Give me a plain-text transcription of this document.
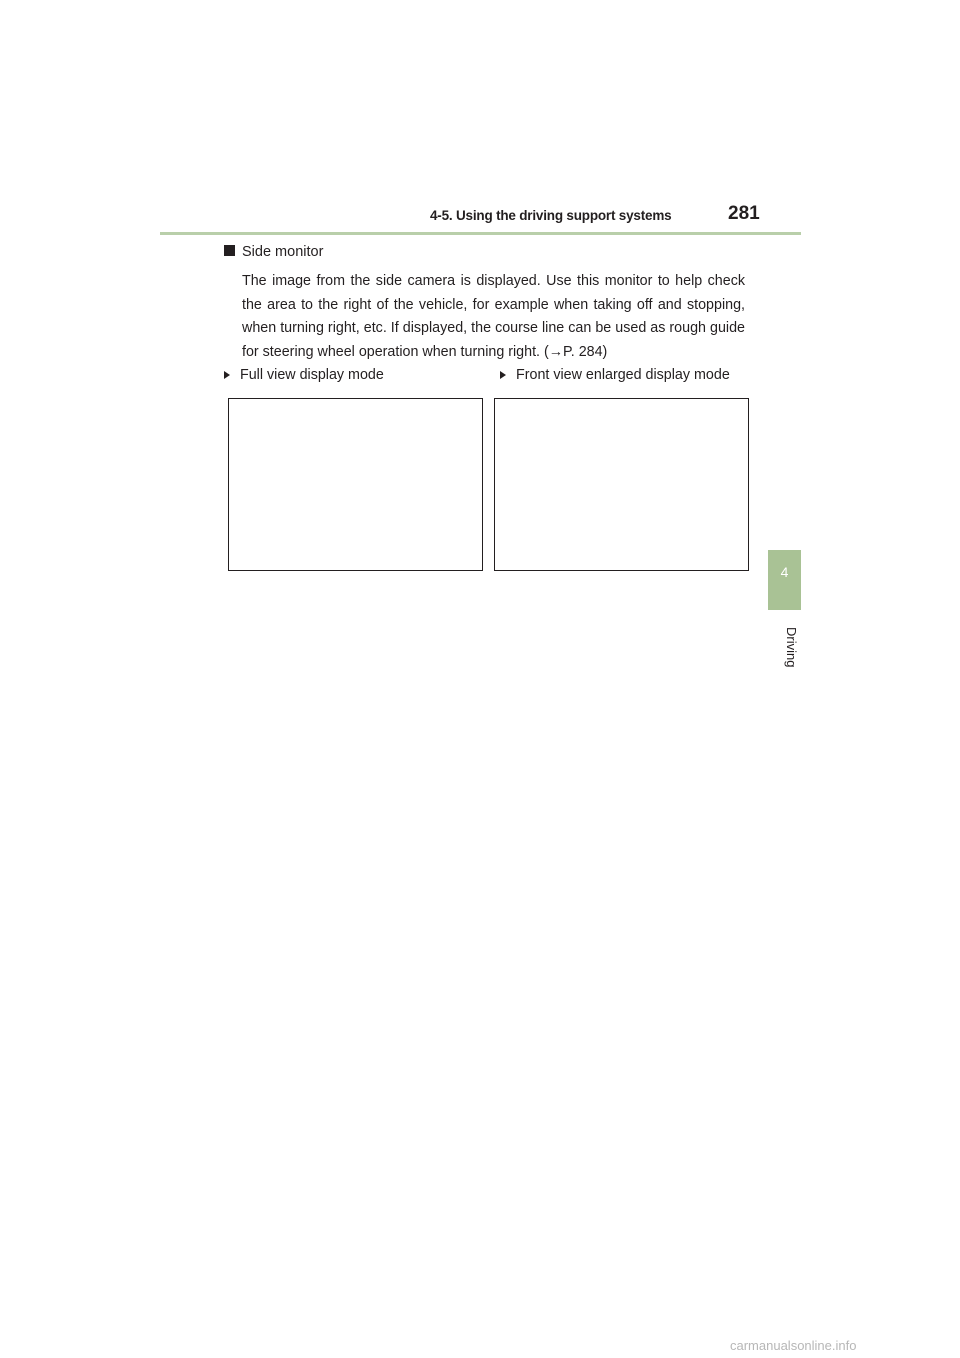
4-5. Using the driving support systems	281
4
Driving
Side monitor
The image from the side camera is displayed. Use this monitor to help check the area to the right of the vehicle, for example when taking off and stopping, when turning right, etc. If displayed, the course line can be used as rough guide for steering wheel operation when turning right. (→P. 284)
Full view display mode	Front view enlarged display mode
carmanualsonline.info
